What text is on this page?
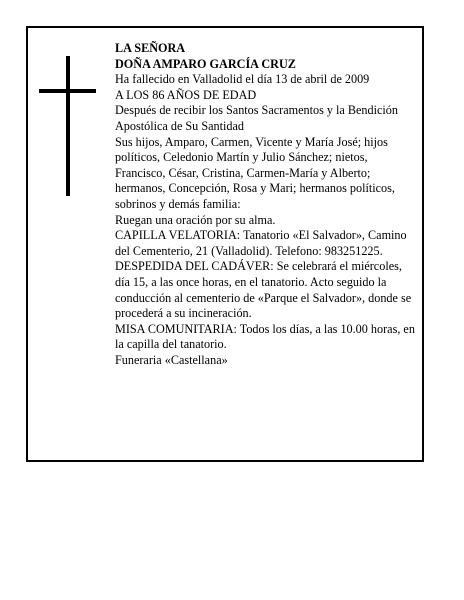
LA SEÑORA

DOÑA AMPARO GARCÍA CRUZ

Ha fallecido en Valladolid el día 13 de abril de 2009

A LOS 86 AÑOS DE EDAD

Después de recibir los Santos Sacramentos y la Bendición Apostólica de Su Santidad

Sus hijos, Amparo, Carmen, Vicente y María José; hijos políticos, Celedonio Martín y Julio Sánchez; nietos, Francisco, César, Cristina, Carmen-María y Alberto; hermanos, Concepción, Rosa y Mari; hermanos políticos, sobrinos y demás familia:

Ruegan una oración por su alma.

CAPILLA VELATORIA: Tanatorio «El Salvador», Camino del Cementerio, 21 (Valladolid). Telefono: 983251225.

DESPEDIDA DEL CADÁVER: Se celebrará el miércoles, día 15, a las once horas, en el tanatorio. Acto seguido la conducción al cementerio de «Parque el Salvador», donde se procederá a su incineración.

MISA COMUNITARIA: Todos los días, a las 10.00 horas, en la capilla del tanatorio.

Funeraria «Castellana»
